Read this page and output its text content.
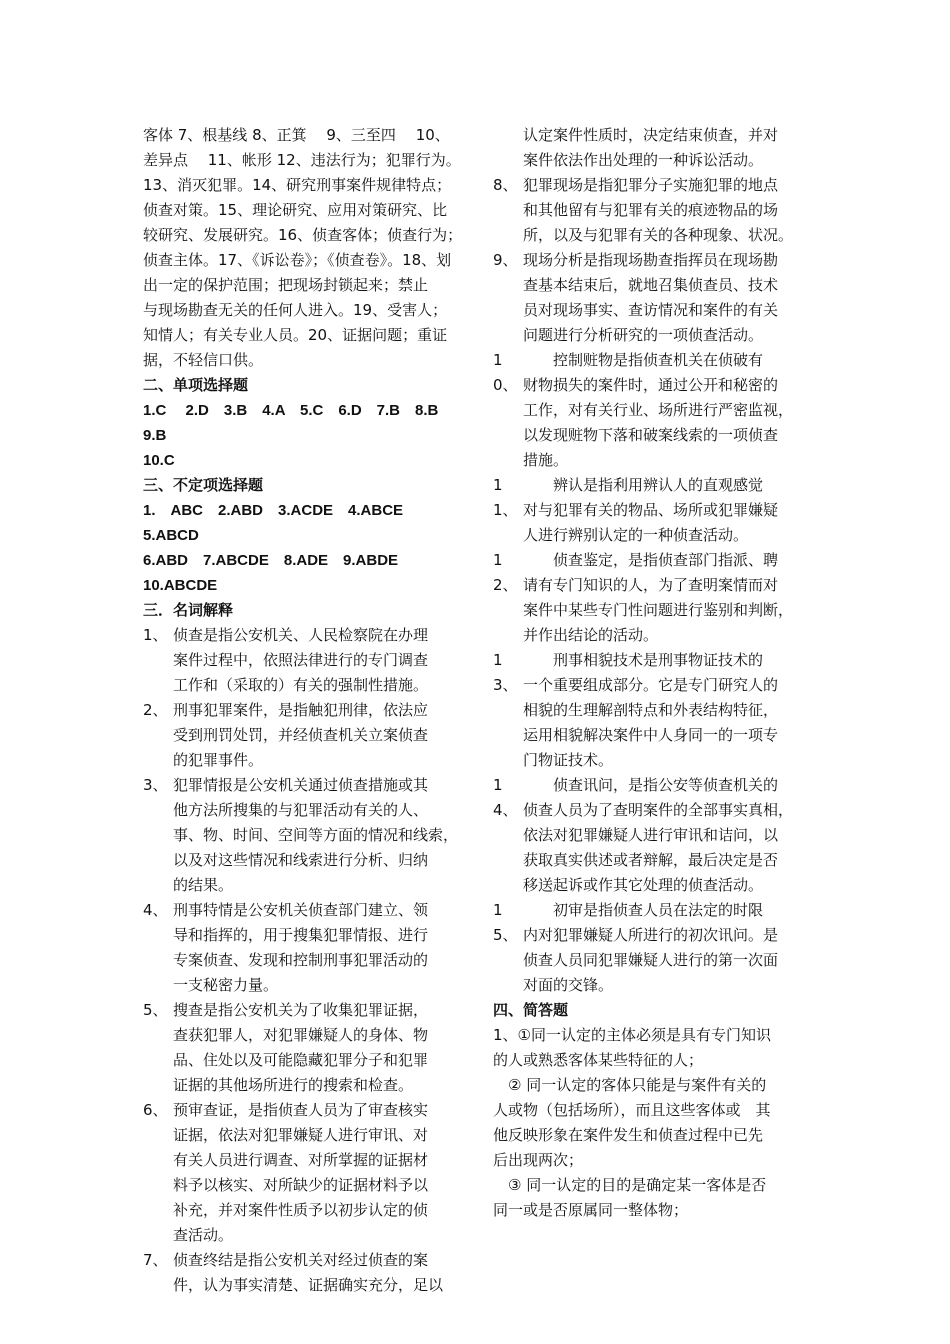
客体 7、根基线 8、正箕　 9、三至四　 10、
差异点　 11、帐形 12、违法行为；犯罪行为。
13、消灭犯罪。14、研究刑事案件规律特点；
侦查对策。15、理论研究、应用对策研究、比
较研究、发展研究。16、侦查客体；侦查行为；
侦查主体。17、《诉讼卷》；《侦查卷》。18、划
出一定的保护范围；把现场封锁起来；禁止
与现场勘查无关的任何人进入。19、受害人；
知情人；有关专业人员。20、证据问题；重证
据，不轻信口供。
二、单项选择题
1.C　 2.D　3.B　4.A　5.C　6.D　7.B　8.B　9.B
10.C
三、不定项选择题
1.　ABC　2.ABD　3.ACDE　4.ABCE　5.ABCD
6.ABD　7.ABCDE　8.ADE　9.ABDE　10.ABCDE
三．名词解释
1、 侦查是指公安机关、人民检察院在办理
案件过程中，依照法律进行的专门调查
工作和（采取的）有关的强制性措施。
2、 刑事犯罪案件，是指触犯刑律，依法应
受到刑罚处罚，并经侦查机关立案侦查
的犯罪事件。
3、 犯罪情报是公安机关通过侦查措施或其
他方法所搜集的与犯罪活动有关的人、
事、物、时间、空间等方面的情况和线索，
以及对这些情况和线索进行分析、归纳
的结果。
4、 刑事特情是公安机关侦查部门建立、领
导和指挥的，用于搜集犯罪情报、进行
专案侦查、发现和控制刑事犯罪活动的
一支秘密力量。
5、 搜查是指公安机关为了收集犯罪证据，
查获犯罪人，对犯罪嫌疑人的身体、物
品、住处以及可能隐藏犯罪分子和犯罪
证据的其他场所进行的搜索和检查。
6、 预审查证，是指侦查人员为了审查核实
证据，依法对犯罪嫌疑人进行审讯、对
有关人员进行调查、对所掌握的证据材
料予以核实、对所缺少的证据材料予以
补充，并对案件性质予以初步认定的侦
查活动。
7、 侦查终结是指公安机关对经过侦查的案
件，认为事实清楚、证据确实充分，足以
认定案件性质时，决定结束侦查，并对
案件依法作出处理的一种诉讼活动。
8、 犯罪现场是指犯罪分子实施犯罪的地点
和其他留有与犯罪有关的痕迹物品的场
所，以及与犯罪有关的各种现象、状况。
9、 现场分析是指现场勘查指挥员在现场勘
查基本结束后，就地召集侦查员、技术
员对现场事实、查访情况和案件的有关
问题进行分析研究的一项侦查活动。
10、
　　控制赃物是指侦查机关在侦破有
财物损失的案件时，通过公开和秘密的
工作，对有关行业、场所进行严密监视，
以发现赃物下落和破案线索的一项侦查
措施。
11、
　　辨认是指利用辨认人的直观感觉
对与犯罪有关的物品、场所或犯罪嫌疑
人进行辨别认定的一种侦查活动。
12、
　　侦查鉴定，是指侦查部门指派、聘
请有专门知识的人，为了查明案情而对
案件中某些专门性问题进行鉴别和判断，
并作出结论的活动。
13、
　　刑事相貌技术是刑事物证技术的
一个重要组成部分。它是专门研究人的
相貌的生理解剖特点和外表结构特征，
运用相貌解决案件中人身同一的一项专
门物证技术。
14、
　　侦查讯问，是指公安等侦查机关的
侦查人员为了查明案件的全部事实真相，
依法对犯罪嫌疑人进行审讯和诘问，以
获取真实供述或者辩解，最后决定是否
移送起诉或作其它处理的侦查活动。
15、
　　初审是指侦查人员在法定的时限
内对犯罪嫌疑人所进行的初次讯问。是
侦查人员同犯罪嫌疑人进行的第一次面
对面的交锋。
四、简答题
1、①同一认定的主体必须是具有专门知识
的人或熟悉客体某些特征的人；
　② 同一认定的客体只能是与案件有关的
人或物（包括场所），而且这些客体或　其
他反映形象在案件发生和侦查过程中已先
后出现两次；
　③ 同一认定的目的是确定某一客体是否
同一或是否原属同一整体物；
